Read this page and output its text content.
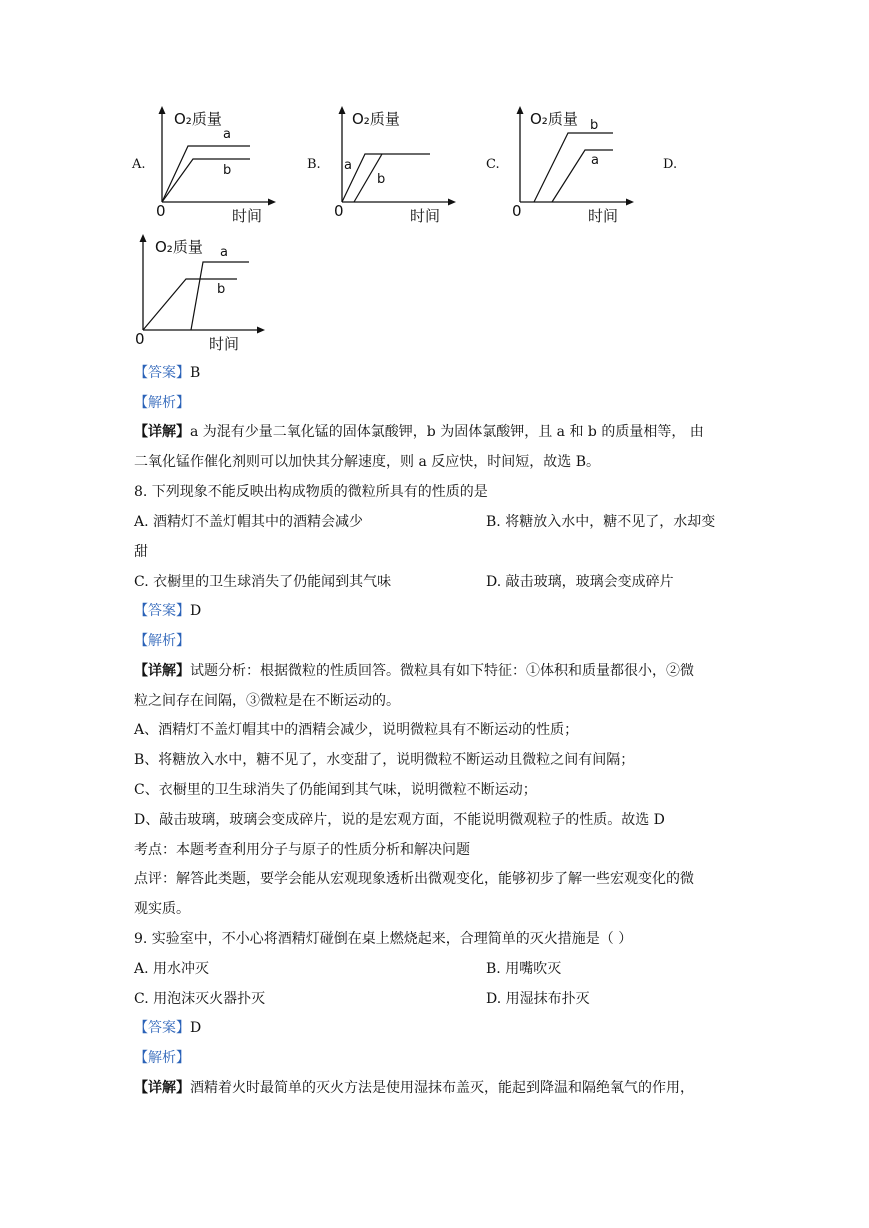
A.
O₂质量
时间
0
a
b	B.
O₂质量
时间
0
a
b
C.
O₂质量
时间
0
b
a	D.
O₂质量
时间
0
a
b
【答案】B
【解析】
【详解】a 为混有少量二氧化锰的固体氯酸钾，b 为固体氯酸钾，且 a 和 b 的质量相等， 由
二氧化锰作催化剂则可以加快其分解速度，则 a 反应快，时间短，故选 B。
8. 下列现象不能反映出构成物质的微粒所具有的性质的是
A. 酒精灯不盖灯帽其中的酒精会减少	B. 将糖放入水中，糖不见了，水却变
甜
C. 衣橱里的卫生球消失了仍能闻到其气味	D. 敲击玻璃，玻璃会变成碎片
【答案】D
【解析】
【详解】试题分析：根据微粒的性质回答。微粒具有如下特征：①体积和质量都很小，②微
粒之间存在间隔，③微粒是在不断运动的。
A、酒精灯不盖灯帽其中的酒精会减少，说明微粒具有不断运动的性质；
B、将糖放入水中，糖不见了，水变甜了，说明微粒不断运动且微粒之间有间隔；
C、衣橱里的卫生球消失了仍能闻到其气味，说明微粒不断运动；
D、敲击玻璃，玻璃会变成碎片，说的是宏观方面，不能说明微观粒子的性质。故选 D
考点：本题考查利用分子与原子的性质分析和解决问题
点评：解答此类题，要学会能从宏观现象透析出微观变化，能够初步了解一些宏观变化的微
观实质。
9. 实验室中，不小心将酒精灯碰倒在桌上燃烧起来，合理简单的灭火措施是（ ）
A. 用水冲灭	B. 用嘴吹灭
C. 用泡沫灭火器扑灭	D. 用湿抹布扑灭
【答案】D
【解析】
【详解】酒精着火时最简单的灭火方法是使用湿抹布盖灭，能起到降温和隔绝氧气的作用，
